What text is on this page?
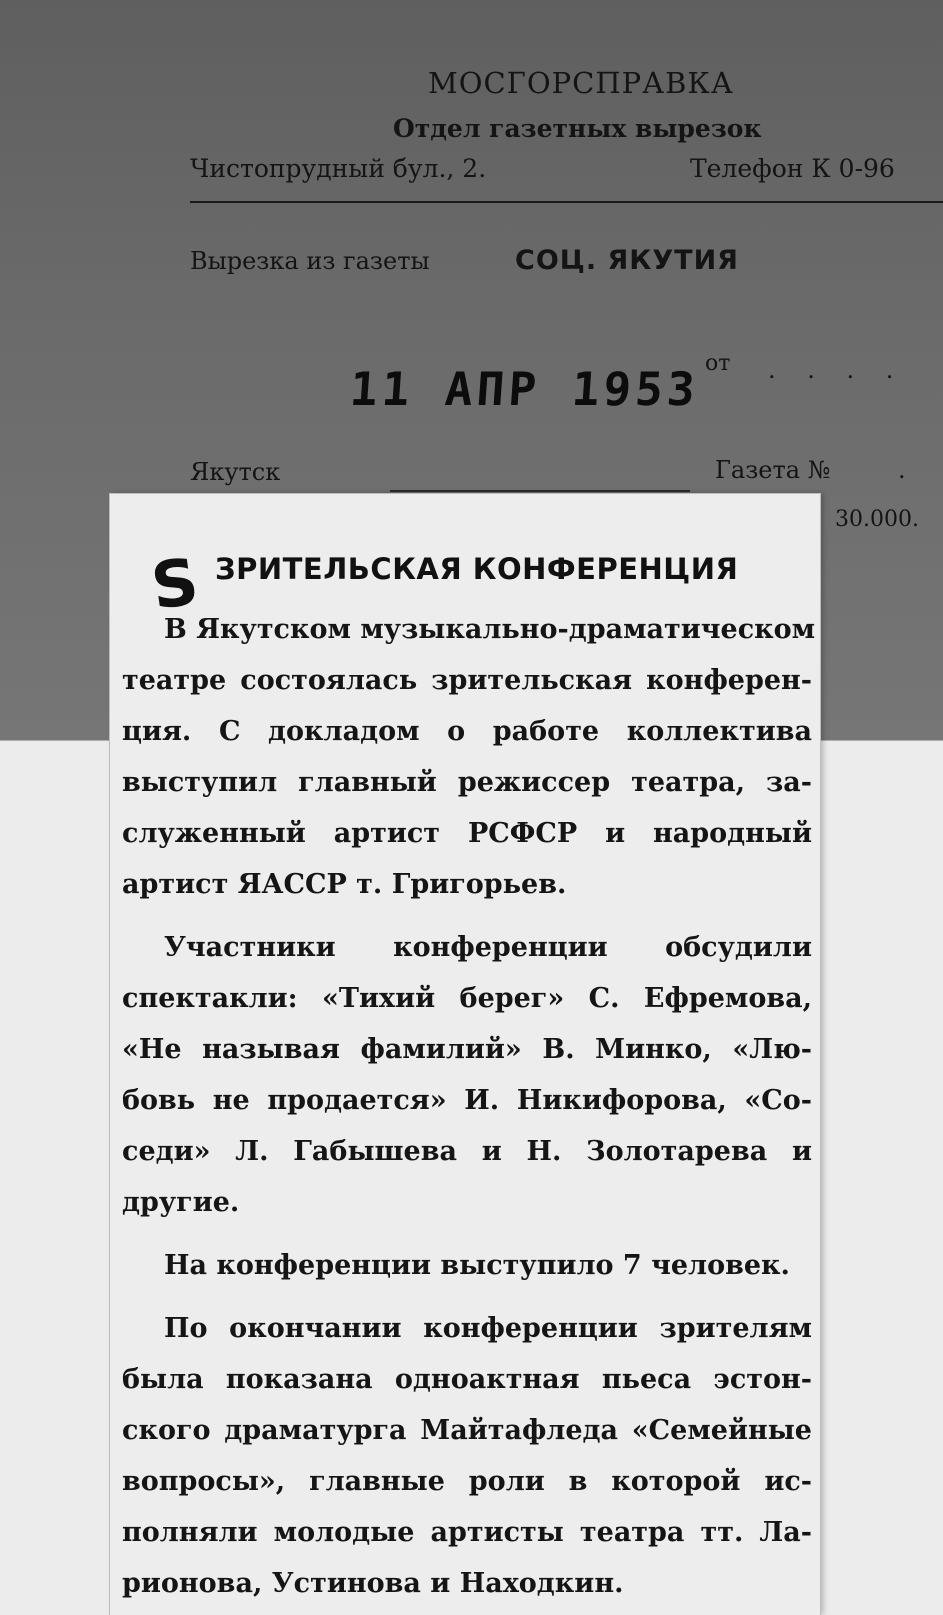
МОСГОРСПРАВКА
Отдел газетных вырезок
Чистопрудный бул., 2.	Телефон К 0-96
Вырезка из газеты	СОЦ. ЯКУТИЯ
11 АПР 1953 от . . . .
Якутск	Газета №	.
30.000.
S ЗРИТЕЛЬСКАЯ КОНФЕРЕНЦИЯ
В Якутском музыкально-драматическом
театре состоялась зрительская конферен-
ция. С докладом о работе коллектива
выступил главный режиссер театра, за-
служенный артист РСФСР и народный
артист ЯАССР т. Григорьев.
Участники конференции обсудили
спектакли: «Тихий берег» С. Ефремова,
«Не называя фамилий» В. Минко, «Лю-
бовь не продается» И. Никифорова, «Со-
седи» Л. Габышева и Н. Золотарева и
другие.
На конференции выступило 7 человек.
По окончании конференции зрителям
была показана одноактная пьеса эстон-
ского драматурга Майтафледа «Семейные
вопросы», главные роли в которой ис-
полняли молодые артисты театра тт. Ла-
рионова, Устинова и Находкин.
